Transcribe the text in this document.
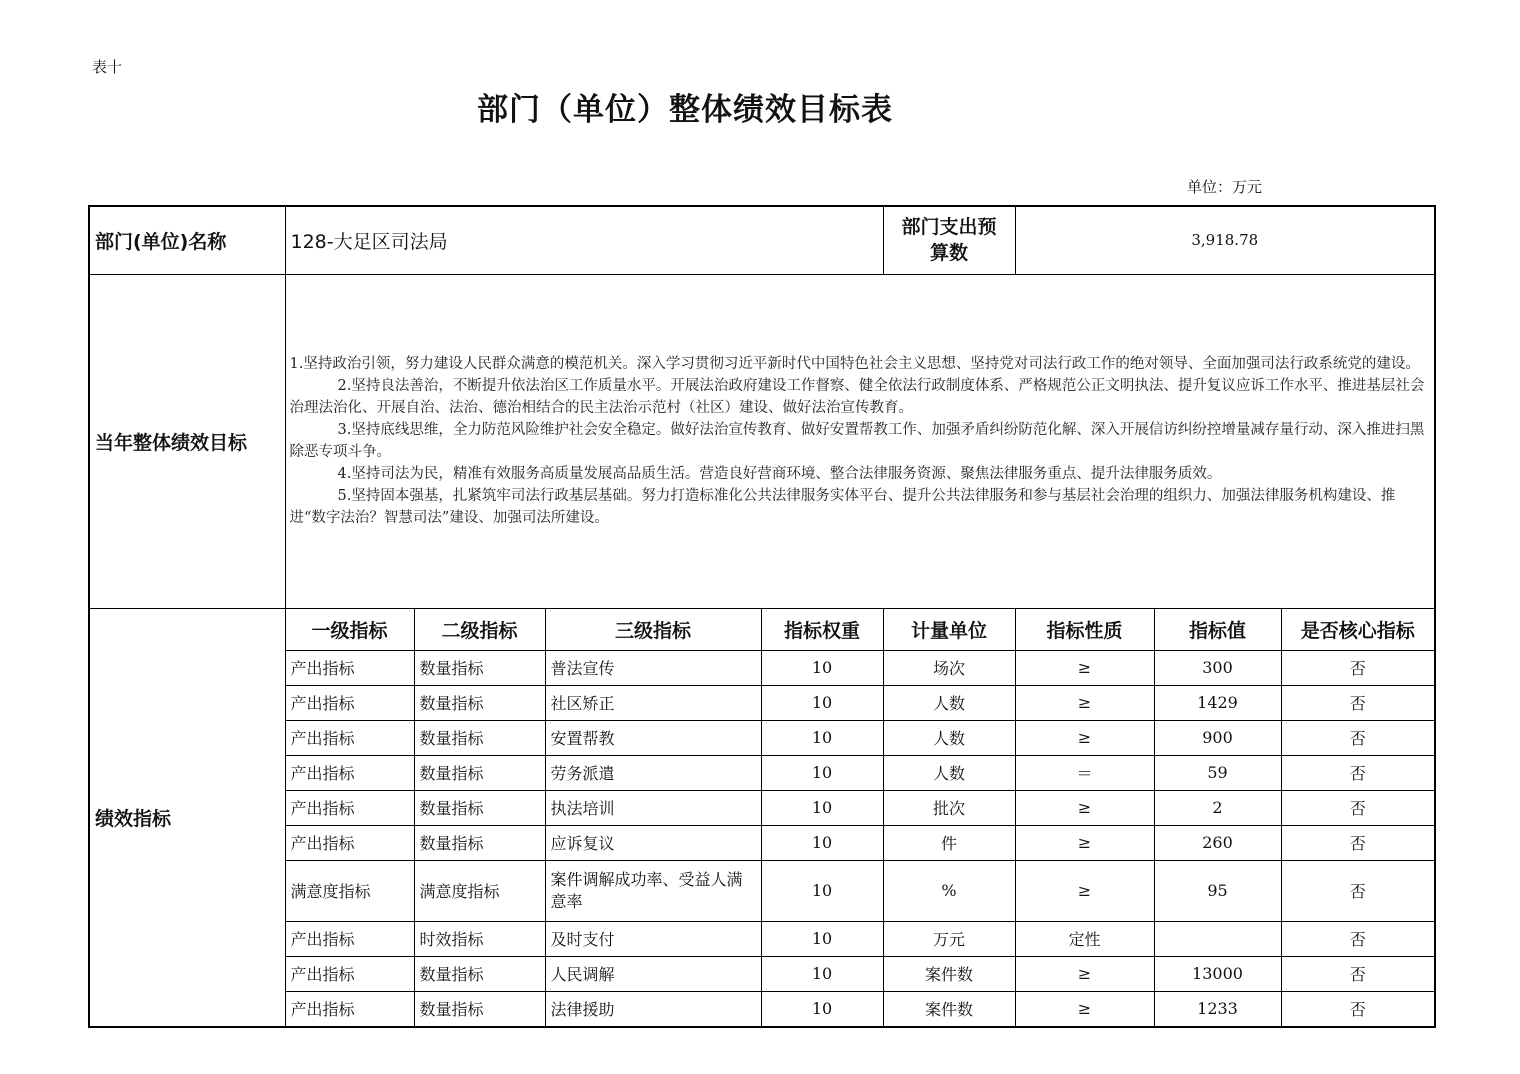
表十
部门（单位）整体绩效目标表
单位：万元
部门(单位)名称	128-大足区司法局				部门支出预
算数	3,918.78		
当年整体绩效目标	1.坚持政治引领，努力建设人民群众满意的模范机关。深入学习贯彻习近平新时代中国特色社会主义思想、坚持党对司法行政工作的绝对领导、全面加强司法行政系统党的建设。

2.坚持良法善治，不断提升依法治区工作质量水平。开展法治政府建设工作督察、健全依法行政制度体系、严格规范公正文明执法、提升复议应诉工作水平、推进基层社会治理法治化、开展自治、法治、德治相结合的民主法治示范村（社区）建设、做好法治宣传教育。

3.坚持底线思维，全力防范风险维护社会安全稳定。做好法治宣传教育、做好安置帮教工作、加强矛盾纠纷防范化解、深入开展信访纠纷控增量减存量行动、深入推进扫黑除恶专项斗争。

4.坚持司法为民，精准有效服务高质量发展高品质生活。营造良好营商环境、整合法律服务资源、聚焦法律服务重点、提升法律服务质效。

5.坚持固本强基，扎紧筑牢司法行政基层基础。努力打造标准化公共法律服务实体平台、提升公共法律服务和参与基层社会治理的组织力、加强法律服务机构建设、推进“数字法治？智慧司法”建设、加强司法所建设。							

绩效指标	一级指标	二级指标	三级指标	指标权重	计量单位	指标性质	指标值	是否核心指标
	产出指标	数量指标	普法宣传	10	场次	≥	300	否
	产出指标	数量指标	社区矫正	10	人数	≥	1429	否
	产出指标	数量指标	安置帮教	10	人数	≥	900	否
	产出指标	数量指标	劳务派遣	10	人数	＝	59	否
	产出指标	数量指标	执法培训	10	批次	≥	2	否
	产出指标	数量指标	应诉复议	10	件	≥	260	否
	满意度指标	满意度指标	案件调解成功率、受益人满意率	10	%	≥	95	否
	产出指标	时效指标	及时支付	10	万元	定性		否
	产出指标	数量指标	人民调解	10	案件数	≥	13000	否
	产出指标	数量指标	法律援助	10	案件数	≥	1233	否
